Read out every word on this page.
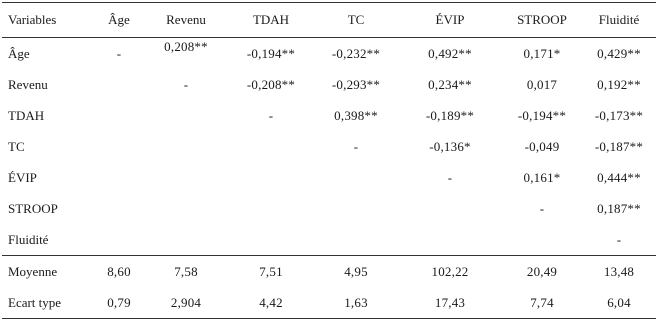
Variables	Âge	Revenu	TDAH	TC	ÉVIP	STROOP	Fluidité
Âge	-	0,208**	-0,194**	-0,232**	0,492**	0,171*	0,429**
Revenu		-	-0,208**	-0,293**	0,234**	0,017	0,192**
TDAH			-	0,398**	-0,189**	-0,194**	-0,173**
TC				-	-0,136*	-0,049	-0,187**
ÉVIP					-	0,161*	0,444**
STROOP						-	0,187**
Fluidité							-
Moyenne	8,60	7,58	7,51	4,95	102,22	20,49	13,48
Ecart type	0,79	2,904	4,42	1,63	17,43	7,74	6,04
